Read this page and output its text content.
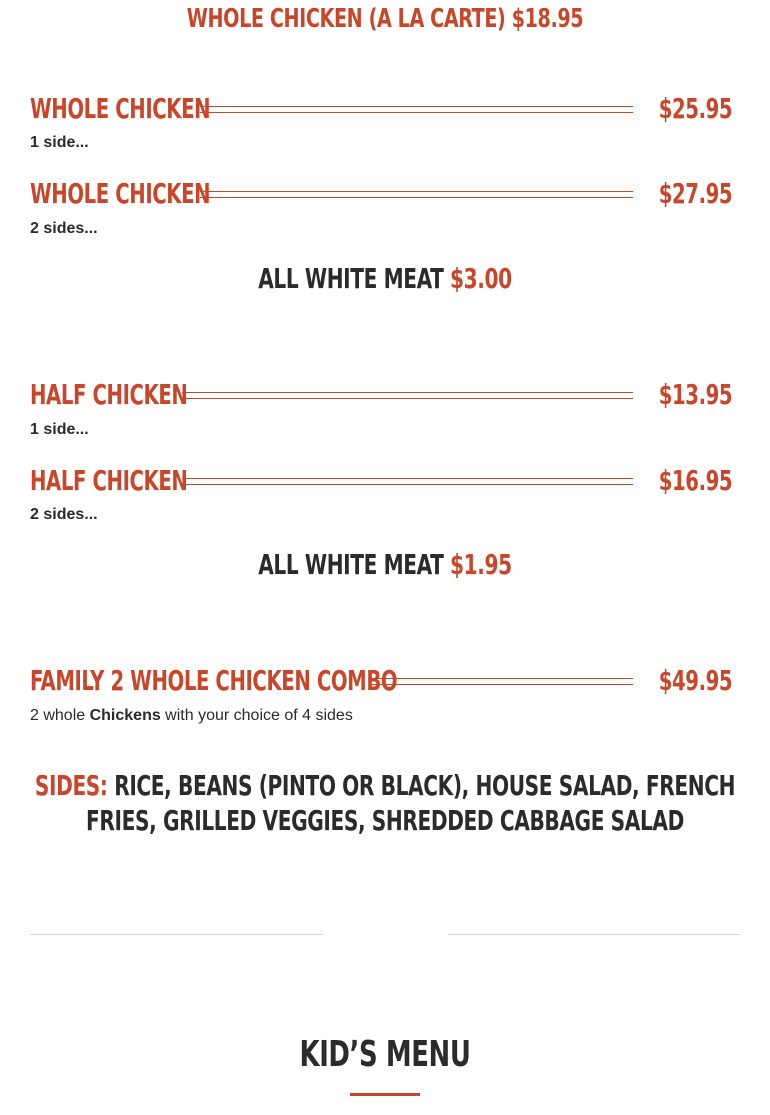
WHOLE CHICKEN (A LA CARTE) $18.95
WHOLE CHICKEN	$25.95
1 side...
WHOLE CHICKEN	$27.95
2 sides...
ALL WHITE MEAT $3.00
HALF CHICKEN	$13.95
1 side...
HALF CHICKEN	$16.95
2 sides...
ALL WHITE MEAT $1.95
FAMILY 2 WHOLE CHICKEN COMBO	$49.95
2 whole Chickens with your choice of 4 sides
SIDES: RICE, BEANS (PINTO OR BLACK), HOUSE SALAD, FRENCH FRIES, GRILLED VEGGIES, SHREDDED CABBAGE SALAD
KID’S MENU
